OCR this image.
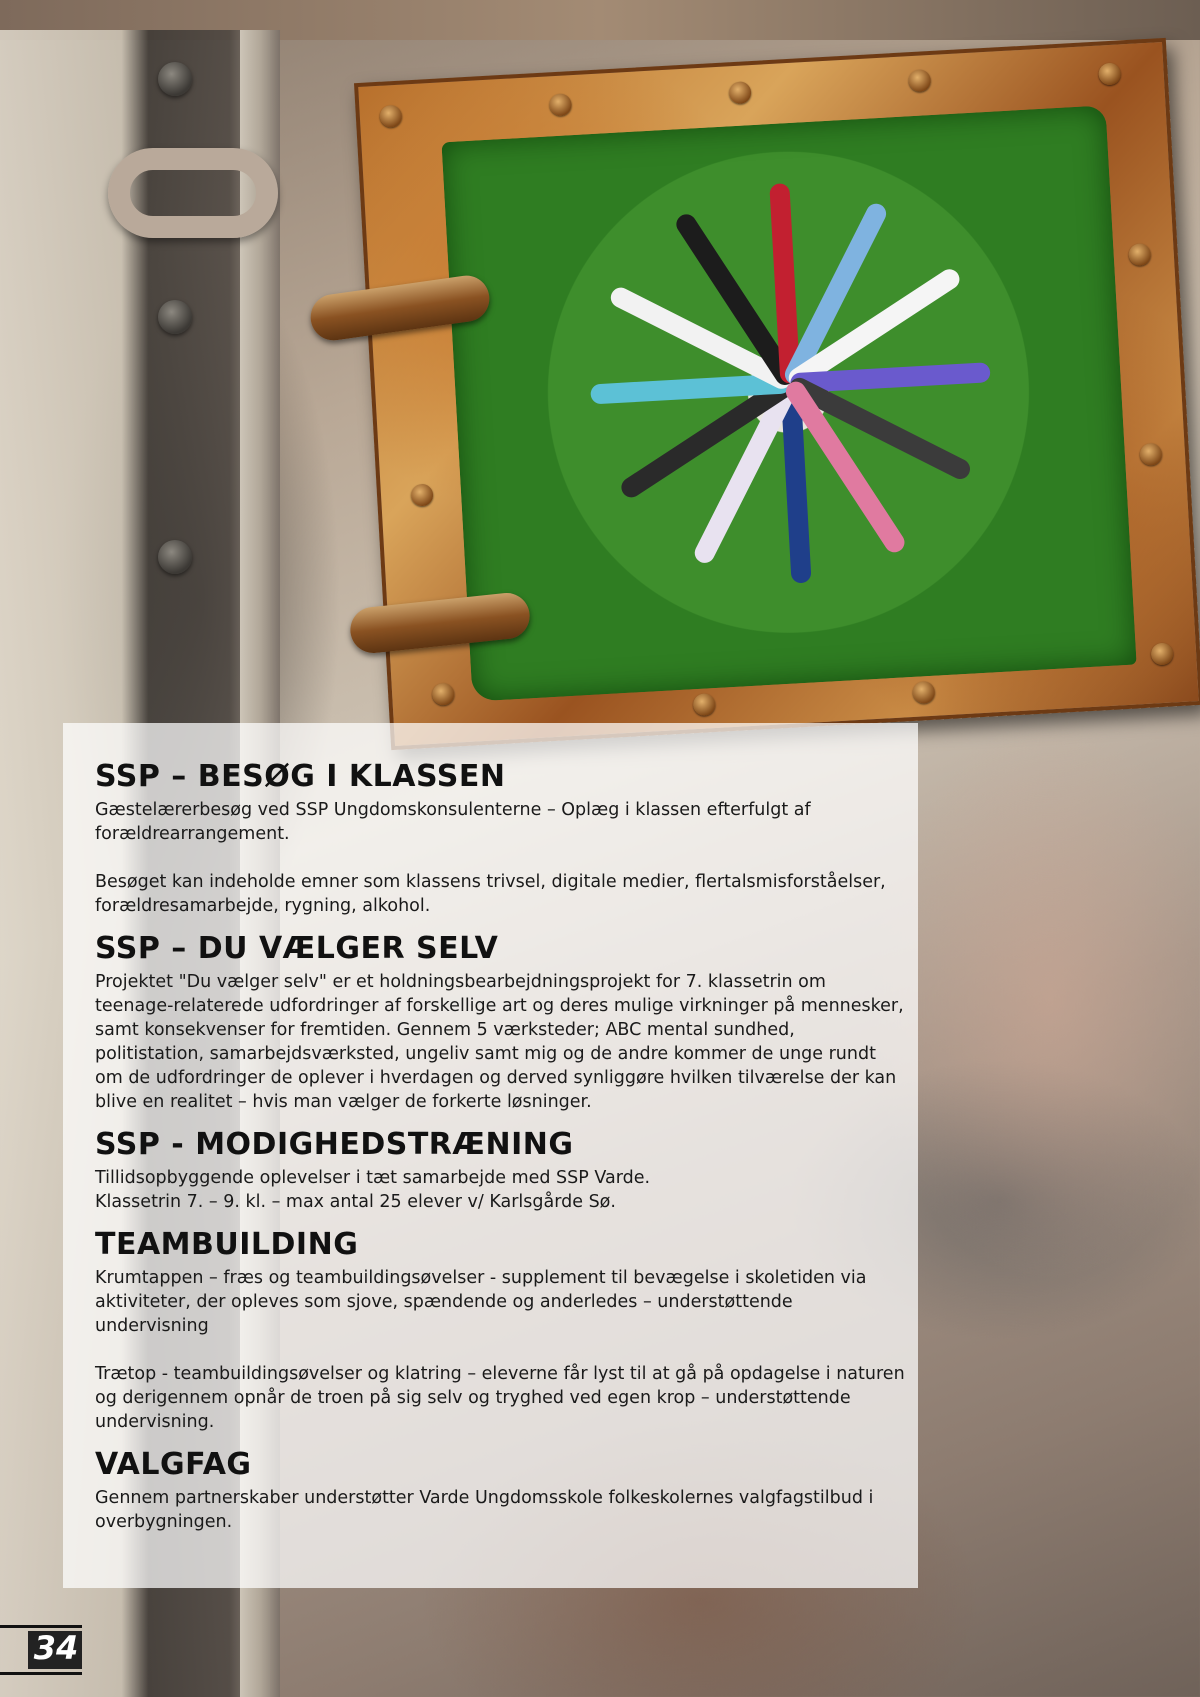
SSP – BESØG I KLASSEN

Gæstelærerbesøg ved SSP Ungdomskonsulenterne – Oplæg i klassen efterfulgt af forældrearrangement.

Besøget kan indeholde emner som klassens trivsel, digitale medier, flertalsmisforståelser, forældresamarbejde, rygning, alkohol.

SSP – DU VÆLGER SELV

Projektet "Du vælger selv" er et holdningsbearbejdningsprojekt for 7. klassetrin om teenage-relaterede udfordringer af forskellige art og deres mulige virkninger på mennesker, samt konsekvenser for fremtiden. Gennem 5 værksteder; ABC mental sundhed, politistation, samarbejdsværksted, ungeliv samt mig og de andre kommer de unge rundt om de udfordringer de oplever i hverdagen og derved synliggøre hvilken tilværelse der kan blive en realitet – hvis man vælger de forkerte løsninger.

SSP - MODIGHEDSTRÆNING

Tillidsopbyggende oplevelser i tæt samarbejde med SSP Varde.

Klassetrin 7. – 9. kl. – max antal 25 elever v/ Karlsgårde Sø.

TEAMBUILDING

Krumtappen – fræs og teambuildingsøvelser - supplement til bevægelse i skoletiden via aktiviteter, der opleves som sjove, spændende og anderledes – understøttende undervisning

Trætop - teambuildingsøvelser og klatring – eleverne får lyst til at gå på opdagelse i naturen og derigennem opnår de troen på sig selv og tryghed ved egen krop – understøttende undervisning.

VALGFAG

Gennem partnerskaber understøtter Varde Ungdomsskole folkeskolernes valgfagstilbud i overbygningen.

34
